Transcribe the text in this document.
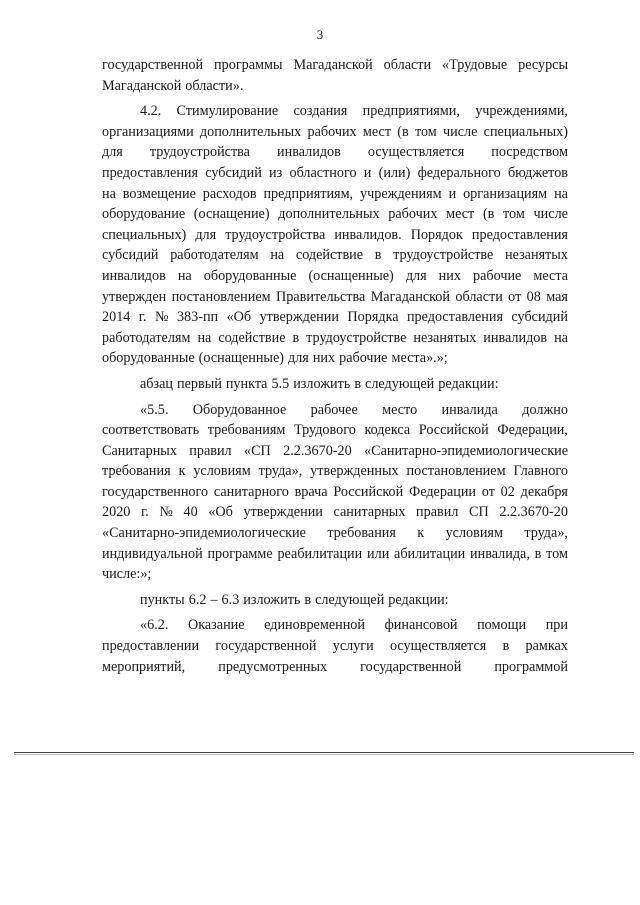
3
государственной программы Магаданской области «Трудовые ресурсы
Магаданской области».
4.2. Стимулирование создания предприятиями, учреждениями,
организациями дополнительных рабочих мест (в том числе специальных)
для трудоустройства инвалидов осуществляется посредством
предоставления субсидий из областного и (или) федерального бюджетов
на возмещение расходов предприятиям, учреждениям и организациям на
оборудование (оснащение) дополнительных рабочих мест (в том числе
специальных) для трудоустройства инвалидов. Порядок предоставления
субсидий работодателям на содействие в трудоустройстве незанятых
инвалидов на оборудованные (оснащенные) для них рабочие места
утвержден постановлением Правительства Магаданской области от 08 мая
2014 г. № 383-пп «Об утверждении Порядка предоставления субсидий
работодателям на содействие в трудоустройстве незанятых инвалидов на
оборудованные (оснащенные) для них рабочие места».»;
абзац первый пункта 5.5 изложить в следующей редакции:
«5.5. Оборудованное рабочее место инвалида должно
соответствовать требованиям Трудового кодекса Российской Федерации,
Санитарных правил «СП 2.2.3670-20 «Санитарно-эпидемиологические
требования к условиям труда», утвержденных постановлением Главного
государственного санитарного врача Российской Федерации от 02 декабря
2020 г. № 40 «Об утверждении санитарных правил СП 2.2.3670-20
«Санитарно-эпидемиологические требования к условиям труда»,
индивидуальной программе реабилитации или абилитации инвалида, в том
числе:»;
пункты 6.2 – 6.3 изложить в следующей редакции:
«6.2. Оказание единовременной финансовой помощи при
предоставлении государственной услуги осуществляется в рамках
мероприятий, предусмотренных государственной программой
